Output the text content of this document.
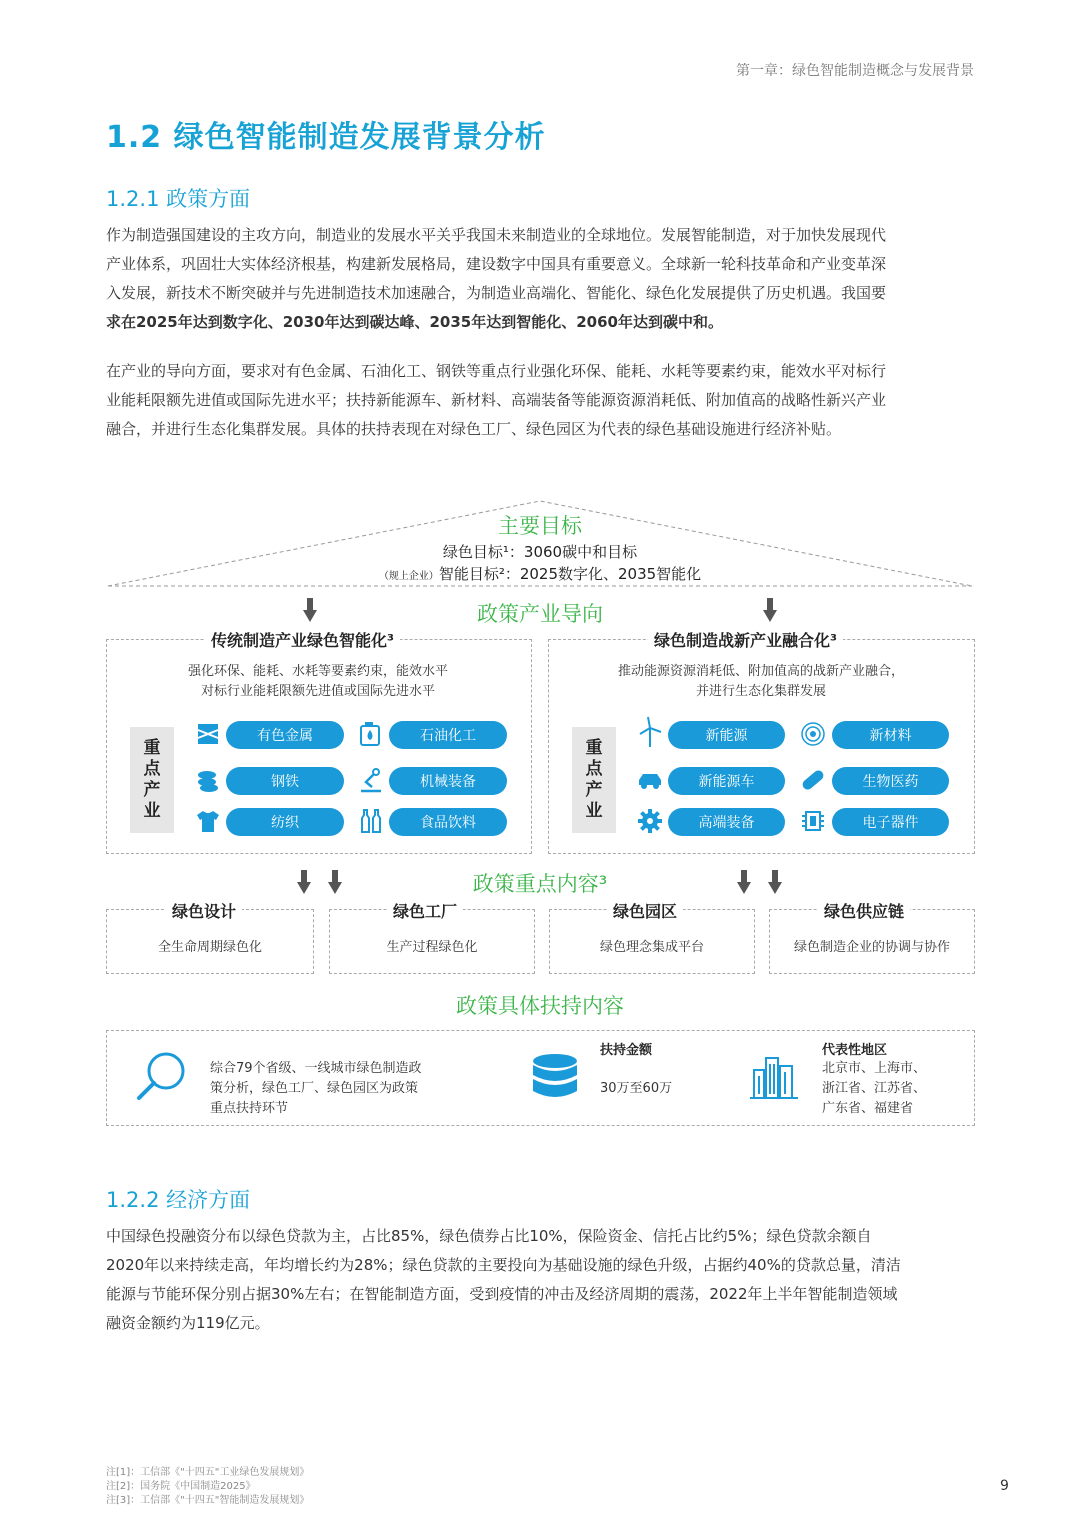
第一章：绿色智能制造概念与发展背景
1.2 绿色智能制造发展背景分析
1.2.1 政策方面
作为制造强国建设的主攻方向，制造业的发展水平关乎我国未来制造业的全球地位。发展智能制造，对于加快发展现代
产业体系，巩固壮大实体经济根基，构建新发展格局，建设数字中国具有重要意义。全球新一轮科技革命和产业变革深
入发展，新技术不断突破并与先进制造技术加速融合，为制造业高端化、智能化、绿色化发展提供了历史机遇。我国要
求在2025年达到数字化、2030年达到碳达峰、2035年达到智能化、2060年达到碳中和。
在产业的导向方面，要求对有色金属、石油化工、钢铁等重点行业强化环保、能耗、水耗等要素约束，能效水平对标行
业能耗限额先进值或国际先进水平；扶持新能源车、新材料、高端装备等能源资源消耗低、附加值高的战略性新兴产业
融合，并进行生态化集群发展。具体的扶持表现在对绿色工厂、绿色园区为代表的绿色基础设施进行经济补贴。
主要目标
绿色目标¹：3060碳中和目标
（规上企业）智能目标²：2025数字化、2035智能化
政策产业导向
传统制造产业绿色智能化³
强化环保、能耗、水耗等要素约束，能效水平
对标行业能耗限额先进值或国际先进水平
重
点
产
业
有色金属	石油化工
钢铁	机械装备
纺织	食品饮料
绿色制造战新产业融合化³
推动能源资源消耗低、附加值高的战新产业融合，
并进行生态化集群发展
重
点
产
业
新能源	新材料
新能源车	生物医药
高端装备	电子器件
政策重点内容³
绿色设计
全生命周期绿色化
绿色工厂
生产过程绿色化
绿色园区
绿色理念集成平台
绿色供应链
绿色制造企业的协调与协作
政策具体扶持内容
综合79个省级、一线城市绿色制造政
策分析，绿色工厂、绿色园区为政策
重点扶持环节
扶持金额
30万至60万
代表性地区
北京市、上海市、
浙江省、江苏省、
广东省、福建省
1.2.2 经济方面
中国绿色投融资分布以绿色贷款为主，占比85%，绿色债券占比10%，保险资金、信托占比约5%；绿色贷款余额自
2020年以来持续走高，年均增长约为28%；绿色贷款的主要投向为基础设施的绿色升级，占据约40%的贷款总量，清洁
能源与节能环保分别占据30%左右；在智能制造方面，受到疫情的冲击及经济周期的震荡，2022年上半年智能制造领域
融资金额约为119亿元。
注[1]：工信部《"十四五"工业绿色发展规划》
注[2]：国务院《中国制造2025》
注[3]：工信部《"十四五"智能制造发展规划》
9
